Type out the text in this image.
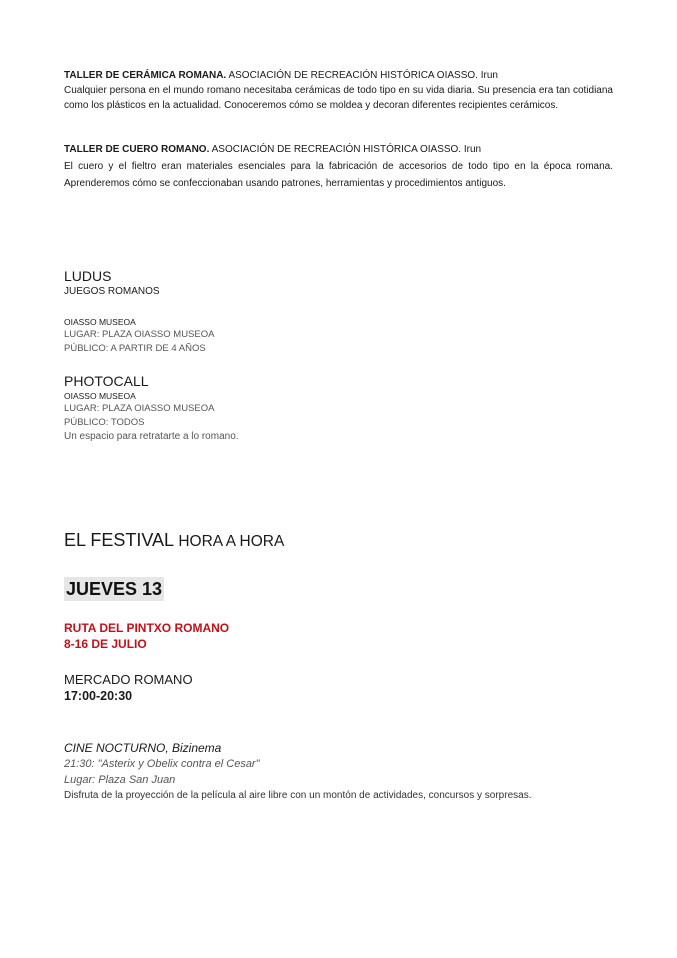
TALLER DE CERÁMICA ROMANA. ASOCIACIÓN DE RECREACIÓN HISTÓRICA OIASSO. Irun
Cualquier persona en el mundo romano necesitaba cerámicas de todo tipo en su vida diaria. Su presencia era tan cotidiana como los plásticos en la actualidad. Conoceremos cómo se moldea y decoran diferentes recipientes cerámicos.
TALLER DE CUERO ROMANO. ASOCIACIÓN DE RECREACIÓN HISTÓRICA OIASSO. Irun
El cuero y el fieltro eran materiales esenciales para la fabricación de accesorios de todo tipo en la época romana. Aprenderemos cómo se confeccionaban usando patrones, herramientas y procedimientos antiguos.
LUDUS
JUEGOS ROMANOS
OIASSO MUSEOA
LUGAR: PLAZA OIASSO MUSEOA
PÚBLICO: A PARTIR DE 4 AÑOS
PHOTOCALL
OIASSO MUSEOA
LUGAR: PLAZA OIASSO MUSEOA
PÚBLICO: TODOS
Un espacio para retratarte a lo romano.
EL FESTIVAL HORA A HORA
JUEVES 13
RUTA DEL PINTXO ROMANO
8-16 DE JULIO
MERCADO ROMANO
17:00-20:30
CINE NOCTURNO, Bizinema
21:30: "Asterix y Obelix contra el Cesar"
Lugar: Plaza San Juan
Disfruta de la proyección de la película al aire libre con un montón de actividades, concursos y sorpresas.
